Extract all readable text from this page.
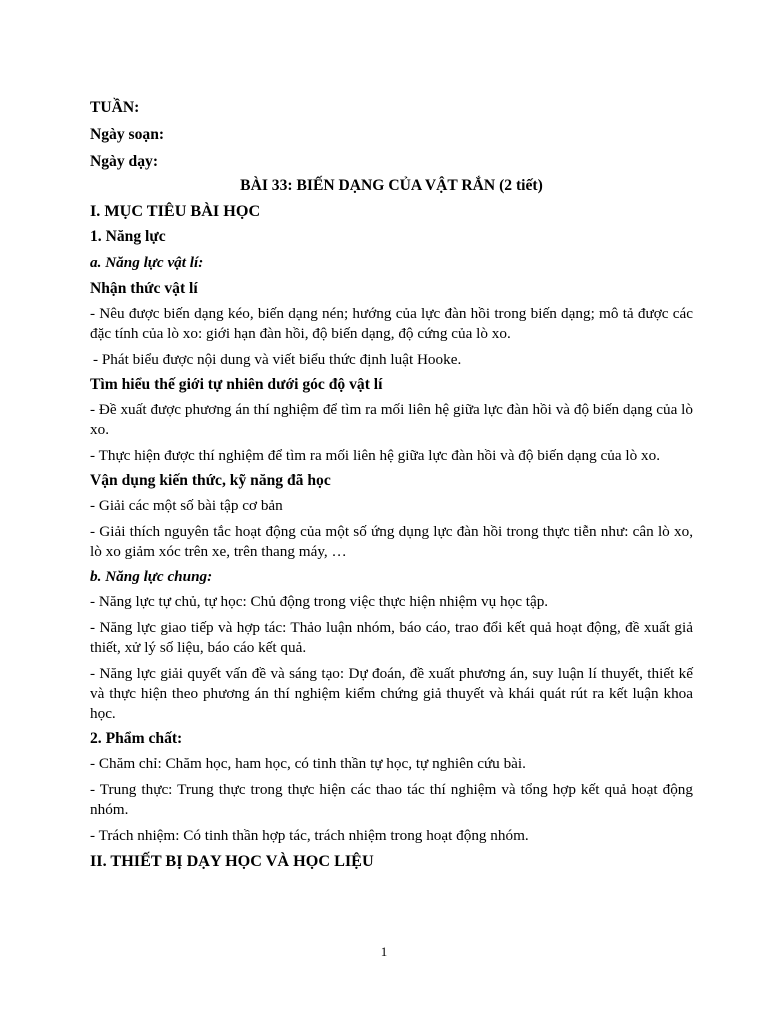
TUẦN:
Ngày soạn:
Ngày dạy:
BÀI 33: BIẾN DẠNG CỦA VẬT RẮN (2 tiết)
I. MỤC TIÊU BÀI HỌC
1. Năng lực
a. Năng lực vật lí:
Nhận thức vật lí
- Nêu được biến dạng kéo, biến dạng nén; hướng của lực đàn hồi trong biến dạng; mô tả được các đặc tính của lò xo: giới hạn đàn hồi, độ biến dạng, độ cứng của lò xo.
- Phát biểu được nội dung và viết biểu thức định luật Hooke.
Tìm hiểu thế giới tự nhiên dưới góc độ vật lí
- Đề xuất được phương án thí nghiệm để tìm ra mối liên hệ giữa lực đàn hồi và độ biến dạng của lò xo.
- Thực hiện được thí nghiệm để tìm ra mối liên hệ giữa lực đàn hồi và độ biến dạng của lò xo.
Vận dụng kiến thức, kỹ năng đã học
- Giải các một số bài tập cơ bản
- Giải thích nguyên tắc hoạt động của một số ứng dụng lực đàn hồi trong thực tiễn như: cân lò xo, lò xo giảm xóc trên xe, trên thang máy, …
b. Năng lực chung:
- Năng lực tự chủ, tự học: Chủ động trong việc thực hiện nhiệm vụ học tập.
- Năng lực giao tiếp và hợp tác: Thảo luận nhóm, báo cáo, trao đổi kết quả hoạt động, đề xuất giả thiết, xử lý số liệu, báo cáo kết quả.
- Năng lực giải quyết vấn đề và sáng tạo: Dự đoán, đề xuất phương án, suy luận lí thuyết, thiết kế và thực hiện theo phương án thí nghiệm kiểm chứng giả thuyết và khái quát rút ra kết luận khoa học.
2. Phẩm chất:
- Chăm chỉ: Chăm học, ham học, có tinh thần tự học, tự nghiên cứu bài.
- Trung thực: Trung thực trong thực hiện các thao tác thí nghiệm và tổng hợp kết quả hoạt động nhóm.
- Trách nhiệm: Có tinh thần hợp tác, trách nhiệm trong hoạt động nhóm.
II. THIẾT BỊ DẠY HỌC VÀ HỌC LIỆU
1
